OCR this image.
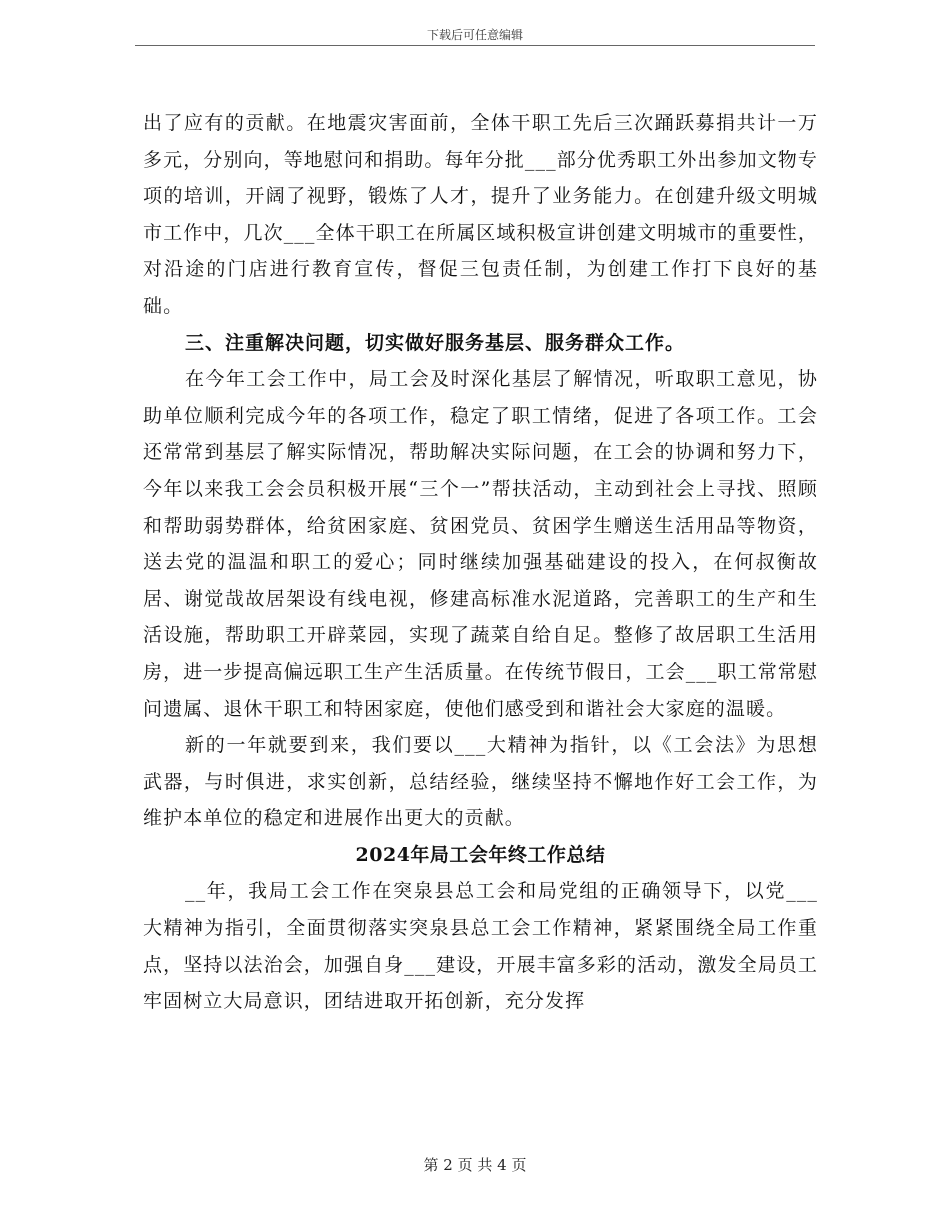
下载后可任意编辑

出了应有的贡献。在地震灾害面前，全体干职工先后三次踊跃募捐共计一万多元，分别向，等地慰问和捐助。每年分批___部分优秀职工外出参加文物专项的培训，开阔了视野，锻炼了人才，提升了业务能力。在创建升级文明城市工作中，几次___全体干职工在所属区域积极宣讲创建文明城市的重要性，对沿途的门店进行教育宣传，督促三包责任制，为创建工作打下良好的基础。

三、注重解决问题，切实做好服务基层、服务群众工作。

在今年工会工作中，局工会及时深化基层了解情况，听取职工意见，协助单位顺利完成今年的各项工作，稳定了职工情绪，促进了各项工作。工会还常常到基层了解实际情况，帮助解决实际问题，在工会的协调和努力下，今年以来我工会会员积极开展“三个一”帮扶活动，主动到社会上寻找、照顾和帮助弱势群体，给贫困家庭、贫困党员、贫困学生赠送生活用品等物资，送去党的温温和职工的爱心；同时继续加强基础建设的投入，在何叔衡故居、谢觉哉故居架设有线电视，修建高标准水泥道路，完善职工的生产和生活设施，帮助职工开辟菜园，实现了蔬菜自给自足。整修了故居职工生活用房，进一步提高偏远职工生产生活质量。在传统节假日，工会___职工常常慰问遗属、退休干职工和特困家庭，使他们感受到和谐社会大家庭的温暖。

新的一年就要到来，我们要以___大精神为指针，以《工会法》为思想武器，与时俱进，求实创新，总结经验，继续坚持不懈地作好工会工作，为维护本单位的稳定和进展作出更大的贡献。

2024年局工会年终工作总结

__年，我局工会工作在突泉县总工会和局党组的正确领导下，以党___大精神为指引，全面贯彻落实突泉县总工会工作精神，紧紧围绕全局工作重点，坚持以法治会，加强自身___建设，开展丰富多彩的活动，激发全局员工牢固树立大局意识，团结进取开拓创新，充分发挥

第 2 页 共 4 页
